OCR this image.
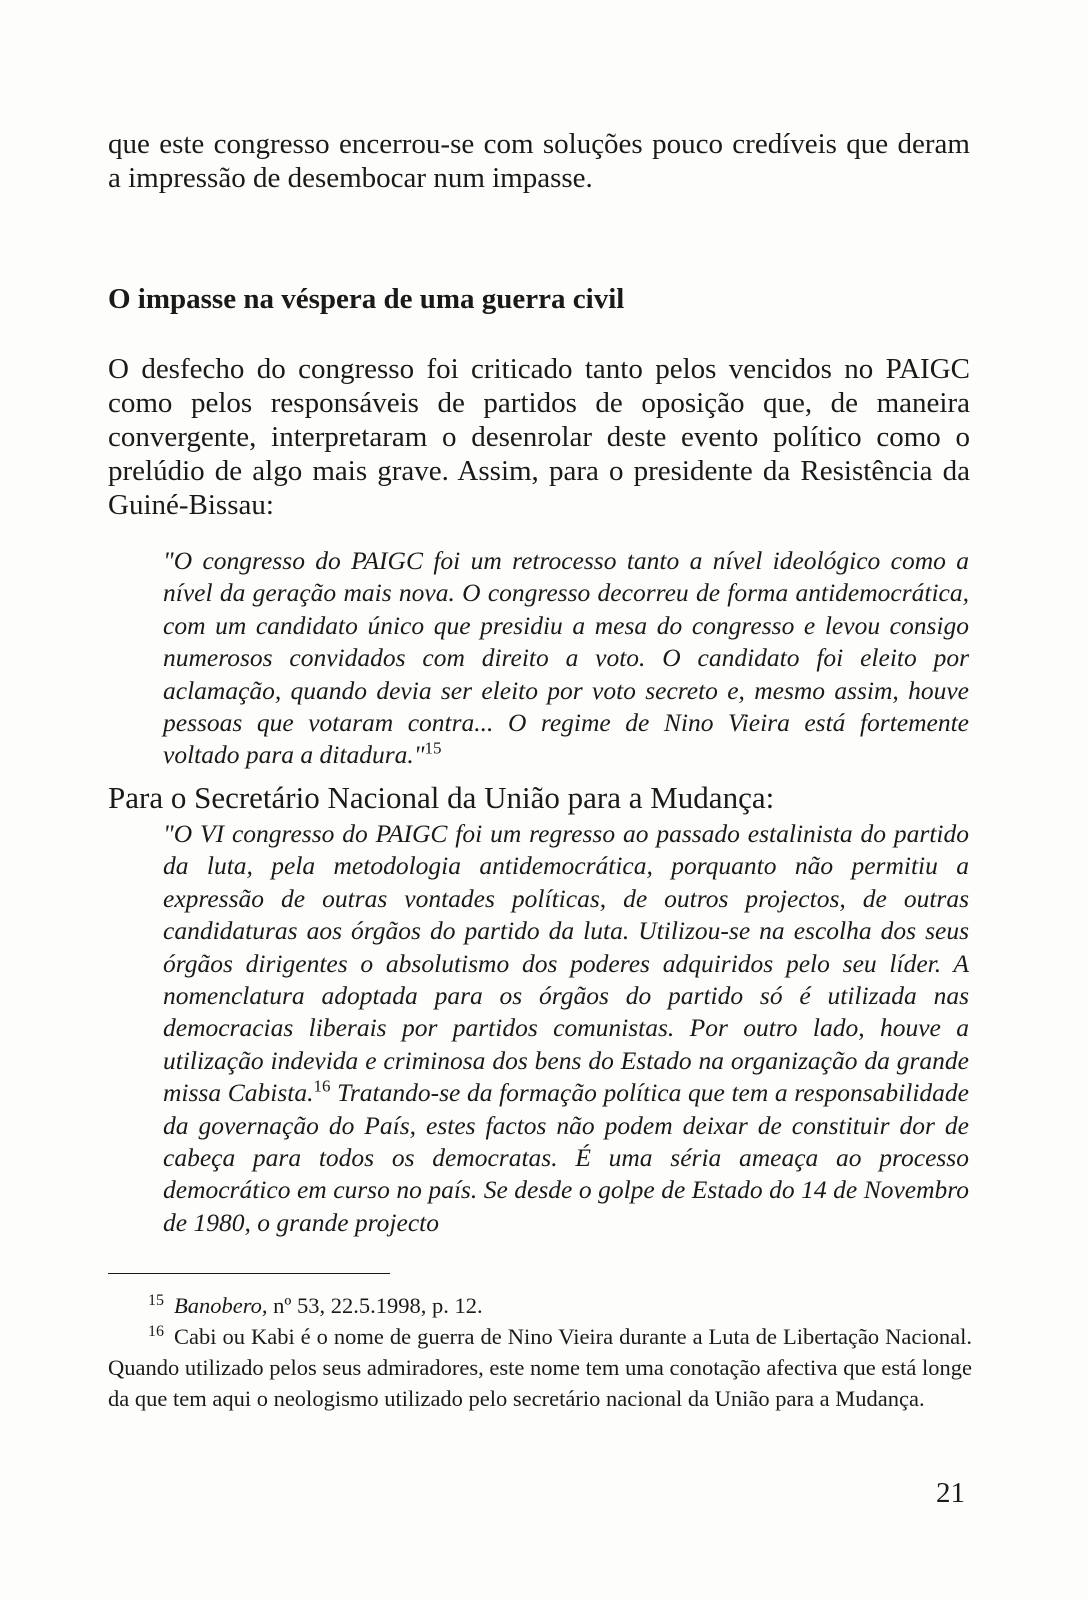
que este congresso encerrou-se com soluções pouco credíveis que deram a impressão de desembocar num impasse.

O impasse na véspera de uma guerra civil

O desfecho do congresso foi criticado tanto pelos vencidos no PAIGC como pelos responsáveis de partidos de oposição que, de maneira convergente, interpretaram o desenrolar deste evento político como o prelúdio de algo mais grave. Assim, para o presidente da Resistência da Guiné-Bissau:

"O congresso do PAIGC foi um retrocesso tanto a nível ideológico como a nível da geração mais nova. O congresso decorreu de forma antidemocrática, com um candidato único que presidiu a mesa do congresso e levou consigo numerosos convidados com direito a voto. O candidato foi eleito por aclamação, quando devia ser eleito por voto secreto e, mesmo assim, houve pessoas que votaram contra... O regime de Nino Vieira está fortemente voltado para a ditadura."$^{15}$

Para o Secretário Nacional da União para a Mudança:

"O VI congresso do PAIGC foi um regresso ao passado estalinista do partido da luta, pela metodologia antidemocrática, porquanto não permitiu a expressão de outras vontades políticas, de outros projectos, de outras candidaturas aos órgãos do partido da luta. Utilizou-se na escolha dos seus órgãos dirigentes o absolutismo dos poderes adquiridos pelo seu líder. A nomenclatura adoptada para os órgãos do partido só é utilizada nas democracias liberais por partidos comunistas. Por outro lado, houve a utilização indevida e criminosa dos bens do Estado na organização da grande missa Cabista.$^{16}$ Tratando-se da formação política que tem a responsabilidade da governação do País, estes factos não podem deixar de constituir dor de cabeça para todos os democratas. É uma séria ameaça ao processo democrático em curso no país. Se desde o golpe de Estado do 14 de Novembro de 1980, o grande projecto

$^{15}$ Banobero, nº 53, 22.5.1998, p. 12.

$^{16}$ Cabi ou Kabi é o nome de guerra de Nino Vieira durante a Luta de Libertação Nacional. Quando utilizado pelos seus admiradores, este nome tem uma conotação afectiva que está longe da que tem aqui o neologismo utilizado pelo secretário nacional da União para a Mudança.

21
